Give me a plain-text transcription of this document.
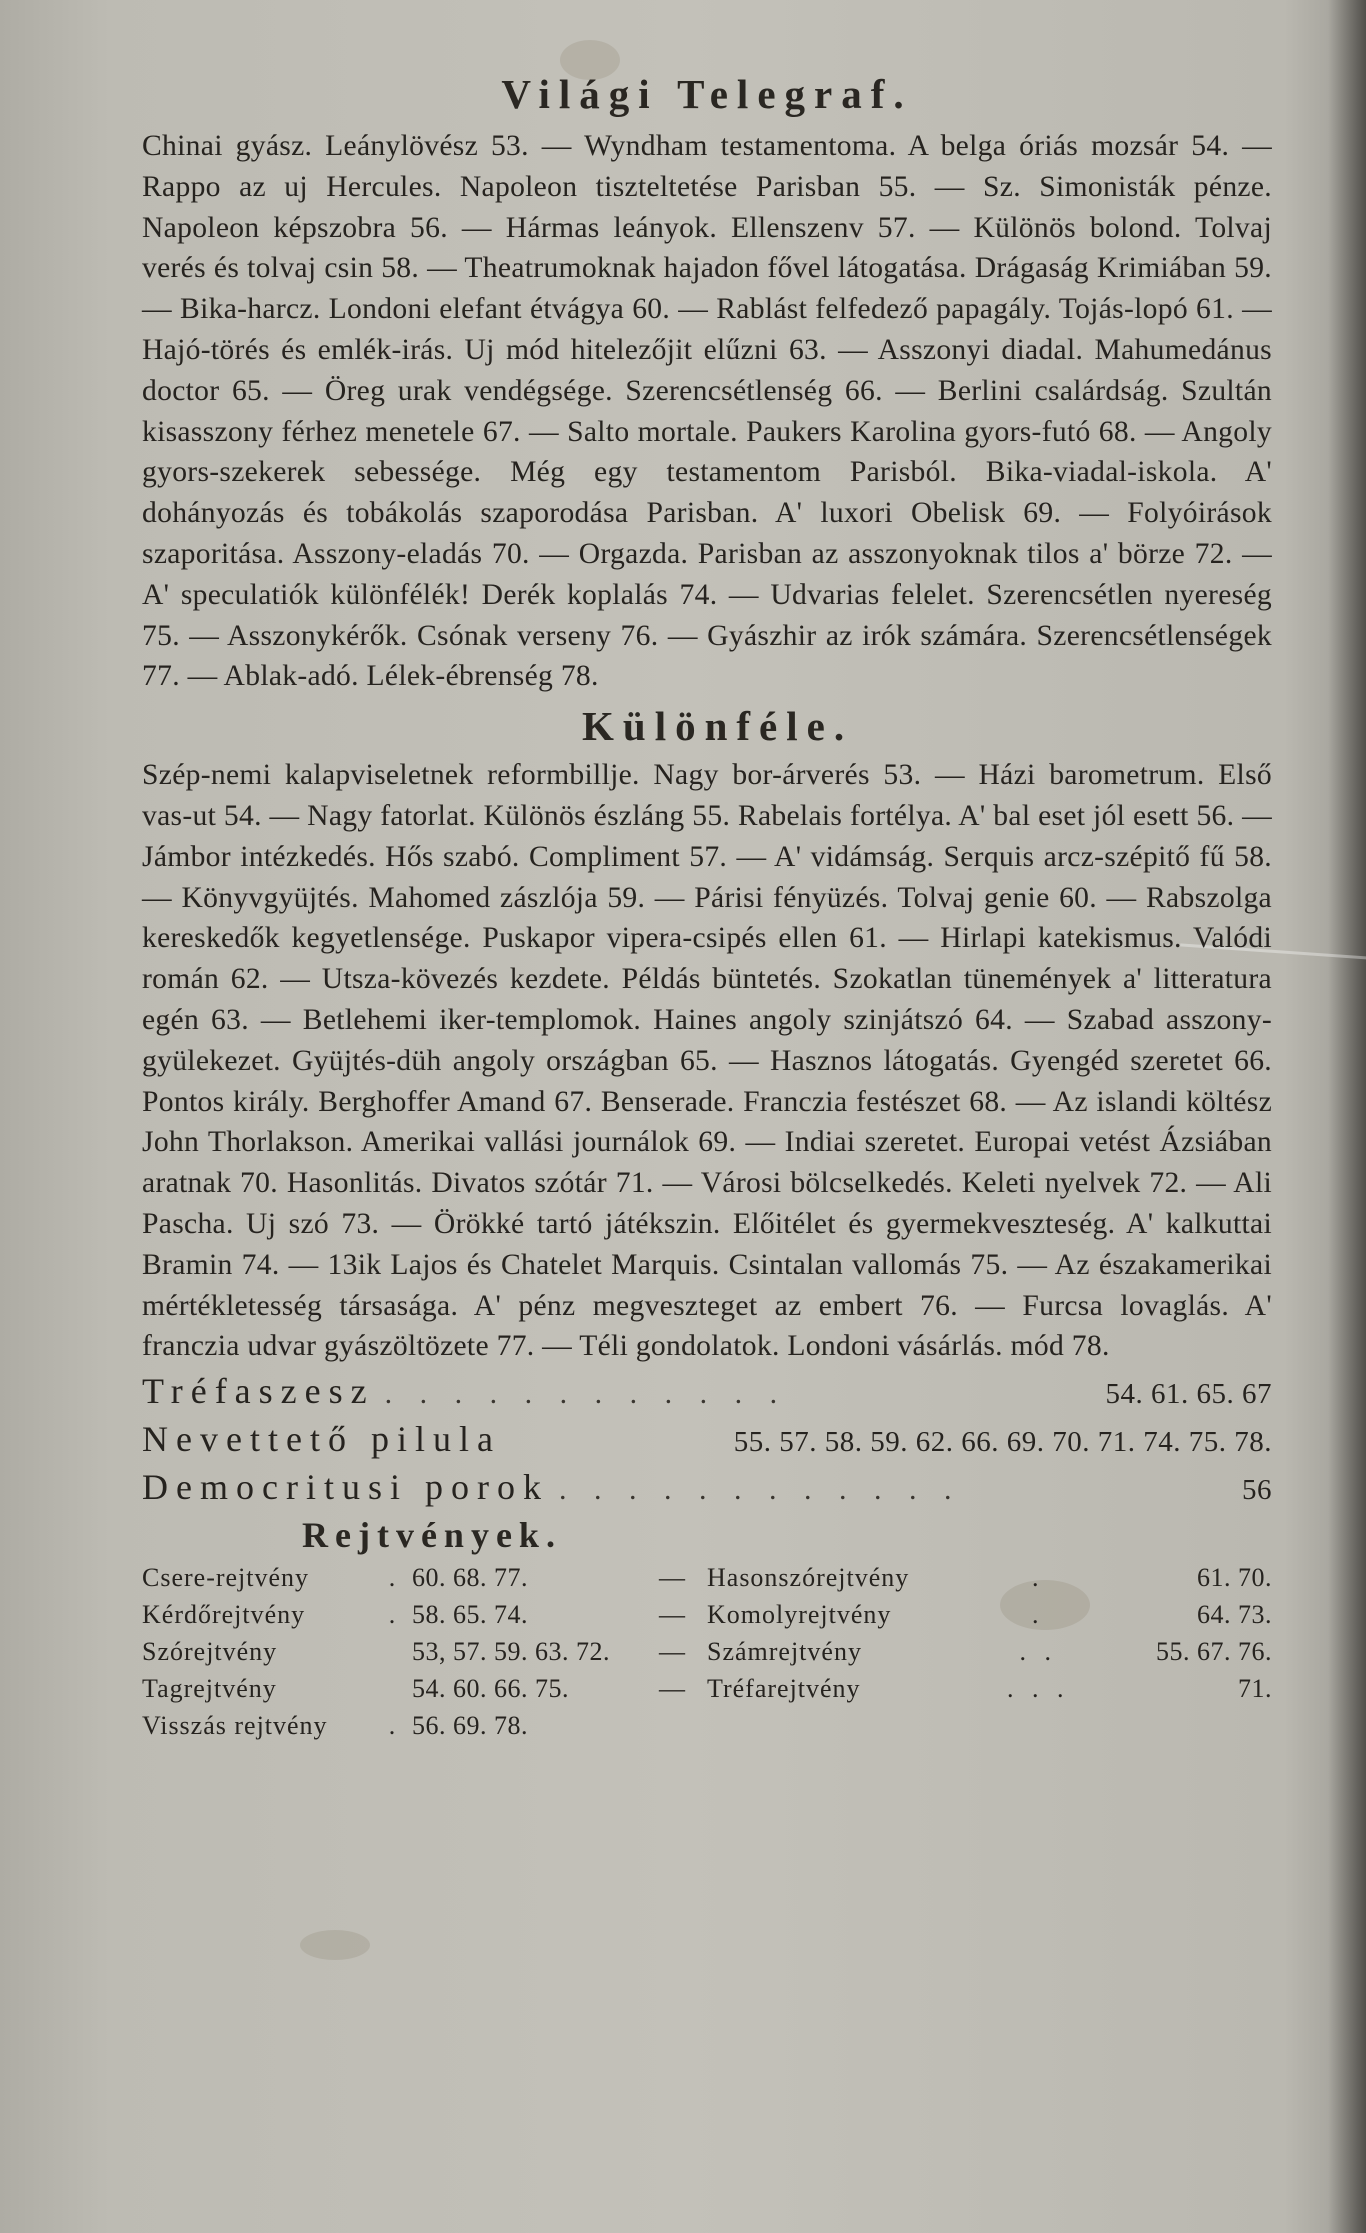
Világi Telegraf.

Chinai gyász. Leánylövész 53. — Wyndham testamentoma. A belga óriás mozsár 54. — Rappo az uj Hercules. Napoleon tiszteltetése Parisban 55. — Sz. Simonisták pénze. Napoleon képszobra 56. — Hármas leányok. Ellenszenv 57. — Különös bolond. Tolvaj verés és tolvaj csin 58. — Theatrumoknak hajadon fővel látogatása. Drágaság Krimiában 59. — Bika-harcz. Londoni elefant étvágya 60. — Rablást felfedező papagály. Tojás-lopó 61. — Hajó-törés és emlék-irás. Uj mód hitelezőjit elűzni 63. — Asszonyi diadal. Mahumedánus doctor 65. — Öreg urak vendégsége. Szerencsétlenség 66. — Berlini csalárdság. Szultán kisasszony férhez menetele 67. — Salto mortale. Paukers Karolina gyors-futó 68. — Angoly gyors-szekerek sebessége. Még egy testamentom Parisból. Bika-viadal-iskola. A' dohányozás és tobákolás szaporodása Parisban. A' luxori Obelisk 69. — Folyóirások szaporitása. Asszony-eladás 70. — Orgazda. Parisban az asszonyoknak tilos a' börze 72. — A' speculatiók különfélék! Derék koplalás 74. — Udvarias felelet. Szerencsétlen nyereség 75. — Asszonykérők. Csónak verseny 76. — Gyászhir az irók számára. Szerencsétlenségek 77. — Ablak-adó. Lélek-ébrenség 78.

Különféle.

Szép-nemi kalapviseletnek reformbillje. Nagy bor-árverés 53. — Házi barometrum. Első vas-ut 54. — Nagy fatorlat. Különös észláng 55. Rabelais fortélya. A' bal eset jól esett 56. — Jámbor intézkedés. Hős szabó. Compliment 57. — A' vidámság. Serquis arcz-szépitő fű 58. — Könyvgyüjtés. Mahomed zászlója 59. — Párisi fényüzés. Tolvaj genie 60. — Rabszolga kereskedők kegyetlensége. Puskapor vipera-csipés ellen 61. — Hirlapi katekismus. Valódi román 62. — Utsza-kövezés kezdete. Példás büntetés. Szokatlan tünemények a' litteratura egén 63. — Betlehemi iker-templomok. Haines angoly szinjátszó 64. — Szabad asszony-gyülekezet. Gyüjtés-düh angoly országban 65. — Hasznos látogatás. Gyengéd szeretet 66. Pontos király. Berghoffer Amand 67. Benserade. Franczia festészet 68. — Az islandi költész John Thorlakson. Amerikai vallási journálok 69. — Indiai szeretet. Europai vetést Ázsiában aratnak 70. Hasonlitás. Divatos szótár 71. — Városi bölcselkedés. Keleti nyelvek 72. — Ali Pascha. Uj szó 73. — Örökké tartó játékszin. Előitélet és gyermekveszteség. A' kalkuttai Bramin 74. — 13ik Lajos és Chatelet Marquis. Csintalan vallomás 75. — Az északamerikai mértékletesség társasága. A' pénz megveszteget az embert 76. — Furcsa lovaglás. A' franczia udvar gyászöltözete 77. — Téli gondolatok. Londoni vásárlás. mód 78.

Tréfaszesz . . . . . . . . . . . .	54. 61. 65. 67
Nevettető pilula	55. 57. 58. 59. 62. 66. 69. 70. 71. 74. 75. 78.
Democritusi porok . . . . . . . . . . . .	56
Rejtvények.
Csere-rejtvény	.	60. 68. 77.	—	Hasonszórejtvény	.	61. 70.
Kérdőrejtvény	.	58. 65. 74.	—	Komolyrejtvény	.	64. 73.
Szórejtvény		53, 57. 59. 63. 72.	—	Számrejtvény	. .	55. 67. 76.
Tagrejtvény		54. 60. 66. 75.	—	Tréfarejtvény	. . .	71.
Visszás rejtvény	.	56. 69. 78.				
